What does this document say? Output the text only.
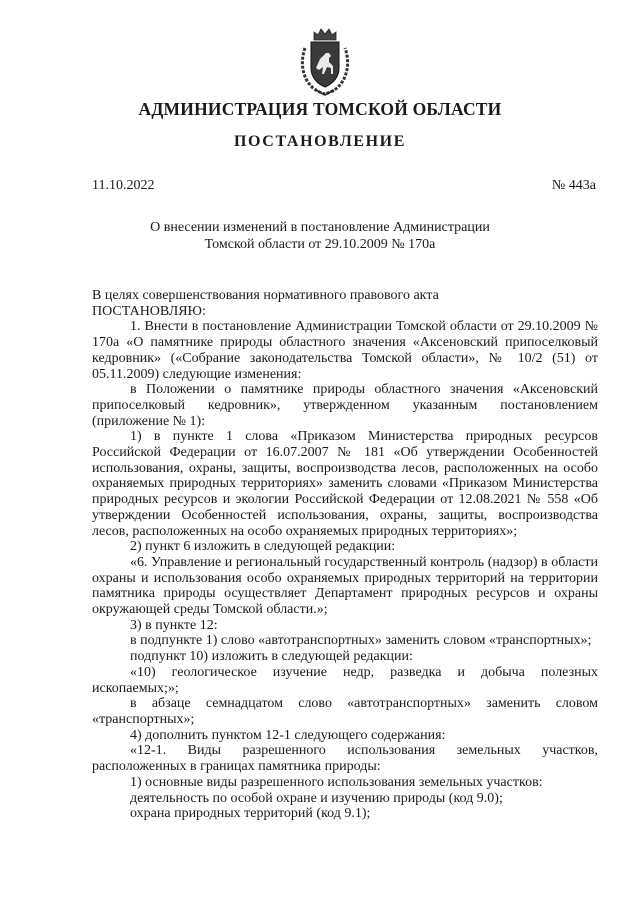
АДМИНИСТРАЦИЯ ТОМСКОЙ ОБЛАСТИ
ПОСТАНОВЛЕНИЕ
11.10.2022	№ 443а
О внесении изменений в постановление Администрации
Томской области от 29.10.2009 № 170а

В целях совершенствования нормативного правового акта

ПОСТАНОВЛЯЮ:

1. Внести в постановление Администрации Томской области от 29.10.2009 № 170а «О памятнике природы областного значения «Аксеновский припоселковый кедровник» («Собрание законодательства Томской области», № 10/2 (51) от 05.11.2009) следующие изменения:

в Положении о памятнике природы областного значения «Аксеновский припоселковый кедровник», утвержденном указанным постановлением (приложение № 1):

1) в пункте 1 слова «Приказом Министерства природных ресурсов Российской Федерации от 16.07.2007 № 181 «Об утверждении Особенностей использования, охраны, защиты, воспроизводства лесов, расположенных на особо охраняемых природных территориях» заменить словами «Приказом Министерства природных ресурсов и экологии Российской Федерации от 12.08.2021 № 558 «Об утверждении Особенностей использования, охраны, защиты, воспроизводства лесов, расположенных на особо охраняемых природных территориях»;

2) пункт 6 изложить в следующей редакции:

«6. Управление и региональный государственный контроль (надзор) в области охраны и использования особо охраняемых природных территорий на территории памятника природы осуществляет Департамент природных ресурсов и охраны окружающей среды Томской области.»;

3) в пункте 12:

в подпункте 1) слово «автотранспортных» заменить словом «транспортных»;

подпункт 10) изложить в следующей редакции:

«10) геологическое изучение недр, разведка и добыча полезных ископаемых;»;

в абзаце семнадцатом слово «автотранспортных» заменить словом «транспортных»;

4) дополнить пунктом 12-1 следующего содержания:

«12-1. Виды разрешенного использования земельных участков, расположенных в границах памятника природы:

1) основные виды разрешенного использования земельных участков:

деятельность по особой охране и изучению природы (код 9.0);

охрана природных территорий (код 9.1);
